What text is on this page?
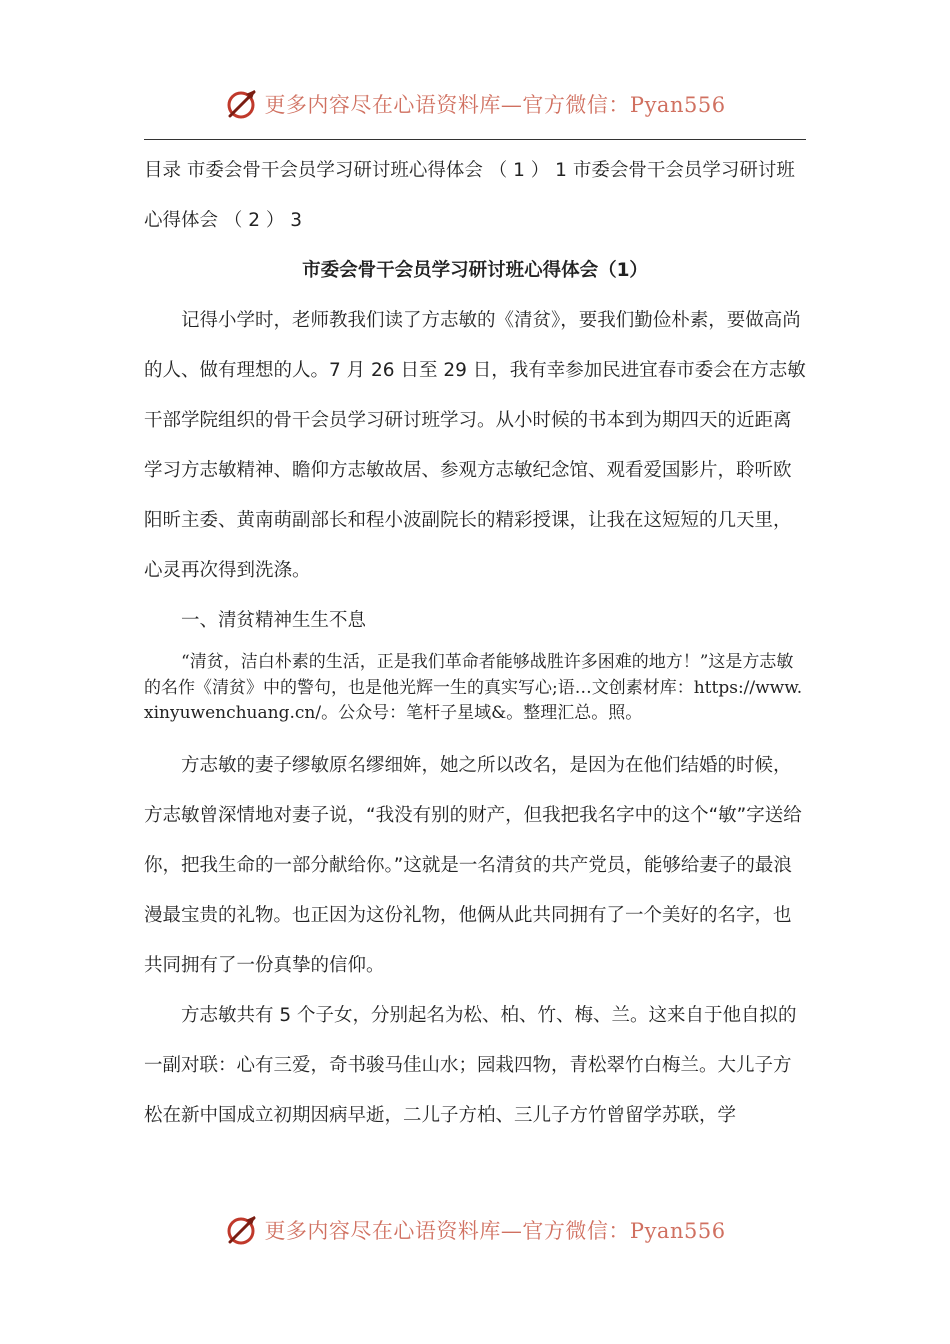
更多内容尽在心语资料库—官方微信：Pyan556

目录 市委会骨干会员学习研讨班心得体会 （ 1 ） 1 市委会骨干会员学习研讨班心得体会 （ 2 ） 3

市委会骨干会员学习研讨班心得体会（1）

记得小学时，老师教我们读了方志敏的《清贫》，要我们勤俭朴素，要做高尚的人、做有理想的人。7 月 26 日至 29 日，我有幸参加民进宜春市委会在方志敏干部学院组织的骨干会员学习研讨班学习。从小时候的书本到为期四天的近距离学习方志敏精神、瞻仰方志敏故居、参观方志敏纪念馆、观看爱国影片，聆听欧阳昕主委、黄南萌副部长和程小波副院长的精彩授课，让我在这短短的几天里，心灵再次得到洗涤。

一、清贫精神生生不息

“清贫，洁白朴素的生活，正是我们革命者能够战胜许多困难的地方！”这是方志敏的名作《清贫》中的警句，也是他光辉一生的真实写心;语…文创素材库：https://www.xinyuwenchuang.cn/。公众号：笔杆子星域&。整理汇总。照。

方志敏的妻子缪敏原名缪细姩，她之所以改名，是因为在他们结婚的时候，方志敏曾深情地对妻子说，“我没有别的财产，但我把我名字中的这个“敏”字送给你，把我生命的一部分献给你。”这就是一名清贫的共产党员，能够给妻子的最浪漫最宝贵的礼物。也正因为这份礼物，他俩从此共同拥有了一个美好的名字，也共同拥有了一份真挚的信仰。

方志敏共有 5 个子女，分别起名为松、柏、竹、梅、兰。这来自于他自拟的一副对联：心有三爱，奇书骏马佳山水；园栽四物，青松翠竹白梅兰。大儿子方松在新中国成立初期因病早逝，二儿子方柏、三儿子方竹曾留学苏联，学

更多内容尽在心语资料库—官方微信：Pyan556
